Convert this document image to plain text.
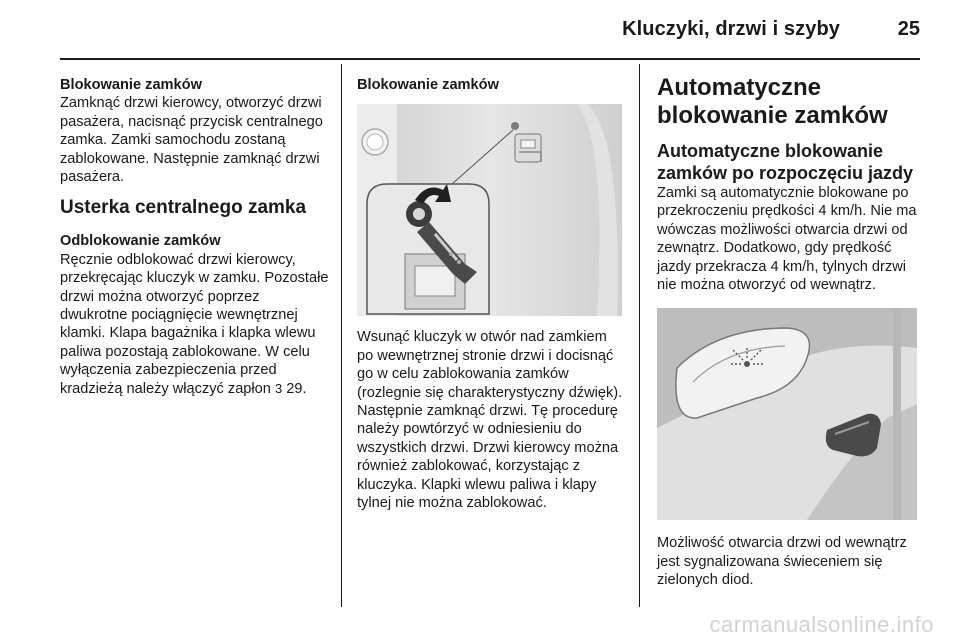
Kluczyki, drzwi i szyby	25

Blokowanie zamków

Zamknąć drzwi kierowcy, otworzyć drzwi pasażera, nacisnąć przycisk centralnego zamka. Zamki samochodu zostaną zablokowane. Następnie zamknąć drzwi pasażera.

Usterka centralnego zamka

Odblokowanie zamków

Ręcznie odblokować drzwi kierowcy, przekręcając kluczyk w zamku. Pozostałe drzwi można otworzyć poprzez dwukrotne pociągnięcie wewnętrznej klamki. Klapa bagażnika i klapka wlewu paliwa pozostają zablokowane. W celu wyłączenia zabezpieczenia przed kradzieżą należy włączyć zapłon 3 29.

Blokowanie zamków

Wsunąć kluczyk w otwór nad zamkiem po wewnętrznej stronie drzwi i docisnąć go w celu zablokowania zamków (rozlegnie się charakterystyczny dźwięk). Następnie zamknąć drzwi. Tę procedurę należy powtórzyć w odniesieniu do wszystkich drzwi. Drzwi kierowcy można również zablokować, korzystając z kluczyka. Klapki wlewu paliwa i klapy tylnej nie można zablokować.

Automatyczne blokowanie zamków

Automatyczne blokowanie zamków po rozpoczęciu jazdy

Zamki są automatycznie blokowane po przekroczeniu prędkości 4 km/h. Nie ma wówczas możliwości otwarcia drzwi od zewnątrz. Dodatkowo, gdy prędkość jazdy przekracza 4 km/h, tylnych drzwi nie można otworzyć od wewnątrz.

Możliwość otwarcia drzwi od wewnątrz jest sygnalizowana świeceniem się zielonych diod.

carmanualsonline.info
